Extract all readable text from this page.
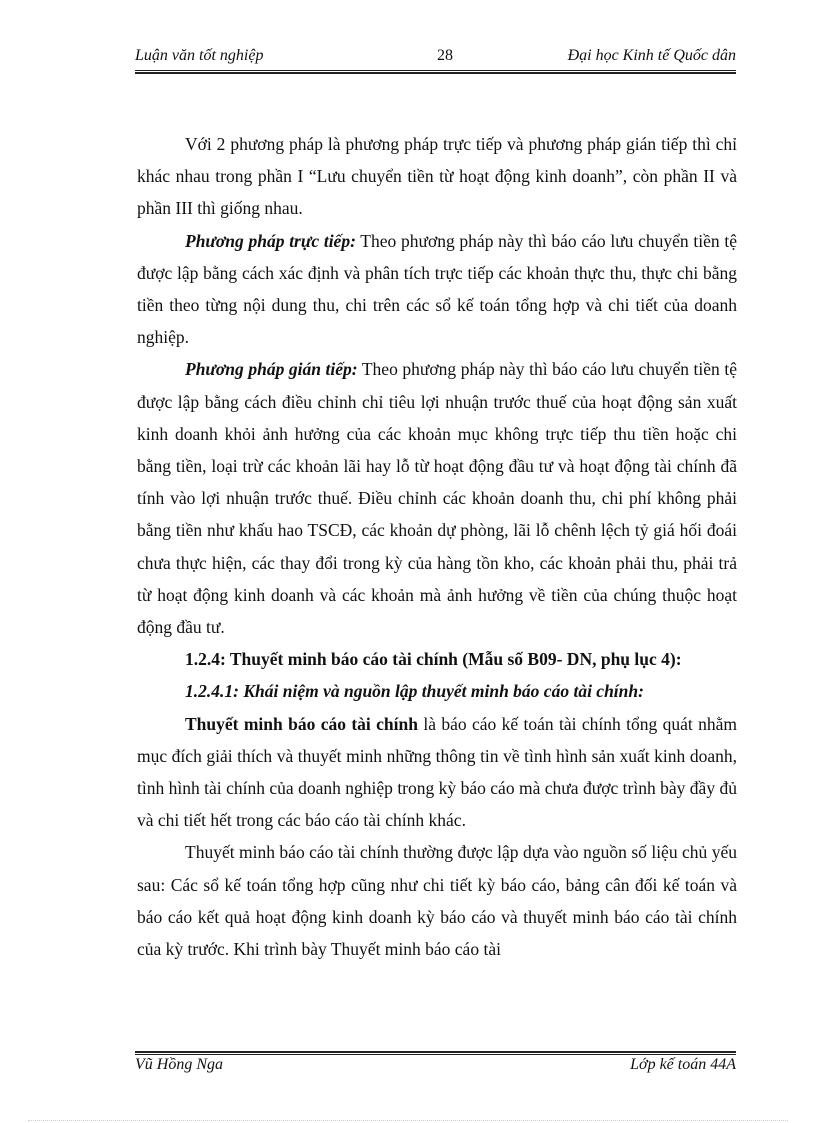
Luận văn tốt nghiệp	28	Đại học Kinh tế Quốc dân

Với 2 phương pháp là phương pháp trực tiếp và phương pháp gián tiếp thì chỉ khác nhau trong phần I “Lưu chuyển tiền từ hoạt động kinh doanh”, còn phần II và phần III thì giống nhau.

Phương pháp trực tiếp: Theo phương pháp này thì báo cáo lưu chuyển tiền tệ được lập bằng cách xác định và phân tích trực tiếp các khoản thực thu, thực chi bằng tiền theo từng nội dung thu, chi trên các sổ kế toán tổng hợp và chi tiết của doanh nghiệp.

Phương pháp gián tiếp: Theo phương pháp này thì báo cáo lưu chuyển tiền tệ được lập bằng cách điều chỉnh chỉ tiêu lợi nhuận trước thuế của hoạt động sản xuất kinh doanh khỏi ảnh hưởng của các khoản mục không trực tiếp thu tiền hoặc chi bằng tiền, loại trừ các khoản lãi hay lỗ từ hoạt động đầu tư và hoạt động tài chính đã tính vào lợi nhuận trước thuế. Điều chỉnh các khoản doanh thu, chi phí không phải bằng tiền như khấu hao TSCĐ, các khoản dự phòng, lãi lỗ chênh lệch tỷ giá hối đoái chưa thực hiện, các thay đổi trong kỳ của hàng tồn kho, các khoản phải thu, phải trả từ hoạt động kinh doanh và các khoản mà ảnh hưởng về tiền của chúng thuộc hoạt động đầu tư.

1.2.4: Thuyết minh báo cáo tài chính (Mẫu số B09- DN, phụ lục 4):

1.2.4.1: Khái niệm và nguồn lập thuyết minh báo cáo tài chính:

Thuyết minh báo cáo tài chính là báo cáo kế toán tài chính tổng quát nhằm mục đích giải thích và thuyết minh những thông tin về tình hình sản xuất kinh doanh, tình hình tài chính của doanh nghiệp trong kỳ báo cáo mà chưa được trình bày đầy đủ và chi tiết hết trong các báo cáo tài chính khác.

Thuyết minh báo cáo tài chính thường được lập dựa vào nguồn số liệu chủ yếu sau: Các sổ kế toán tổng hợp cũng như chi tiết kỳ báo cáo, bảng cân đối kế toán và báo cáo kết quả hoạt động kinh doanh kỳ báo cáo và thuyết minh báo cáo tài chính của kỳ trước. Khi trình bày Thuyết minh báo cáo tài

Vũ Hồng Nga	Lớp kế toán 44A
